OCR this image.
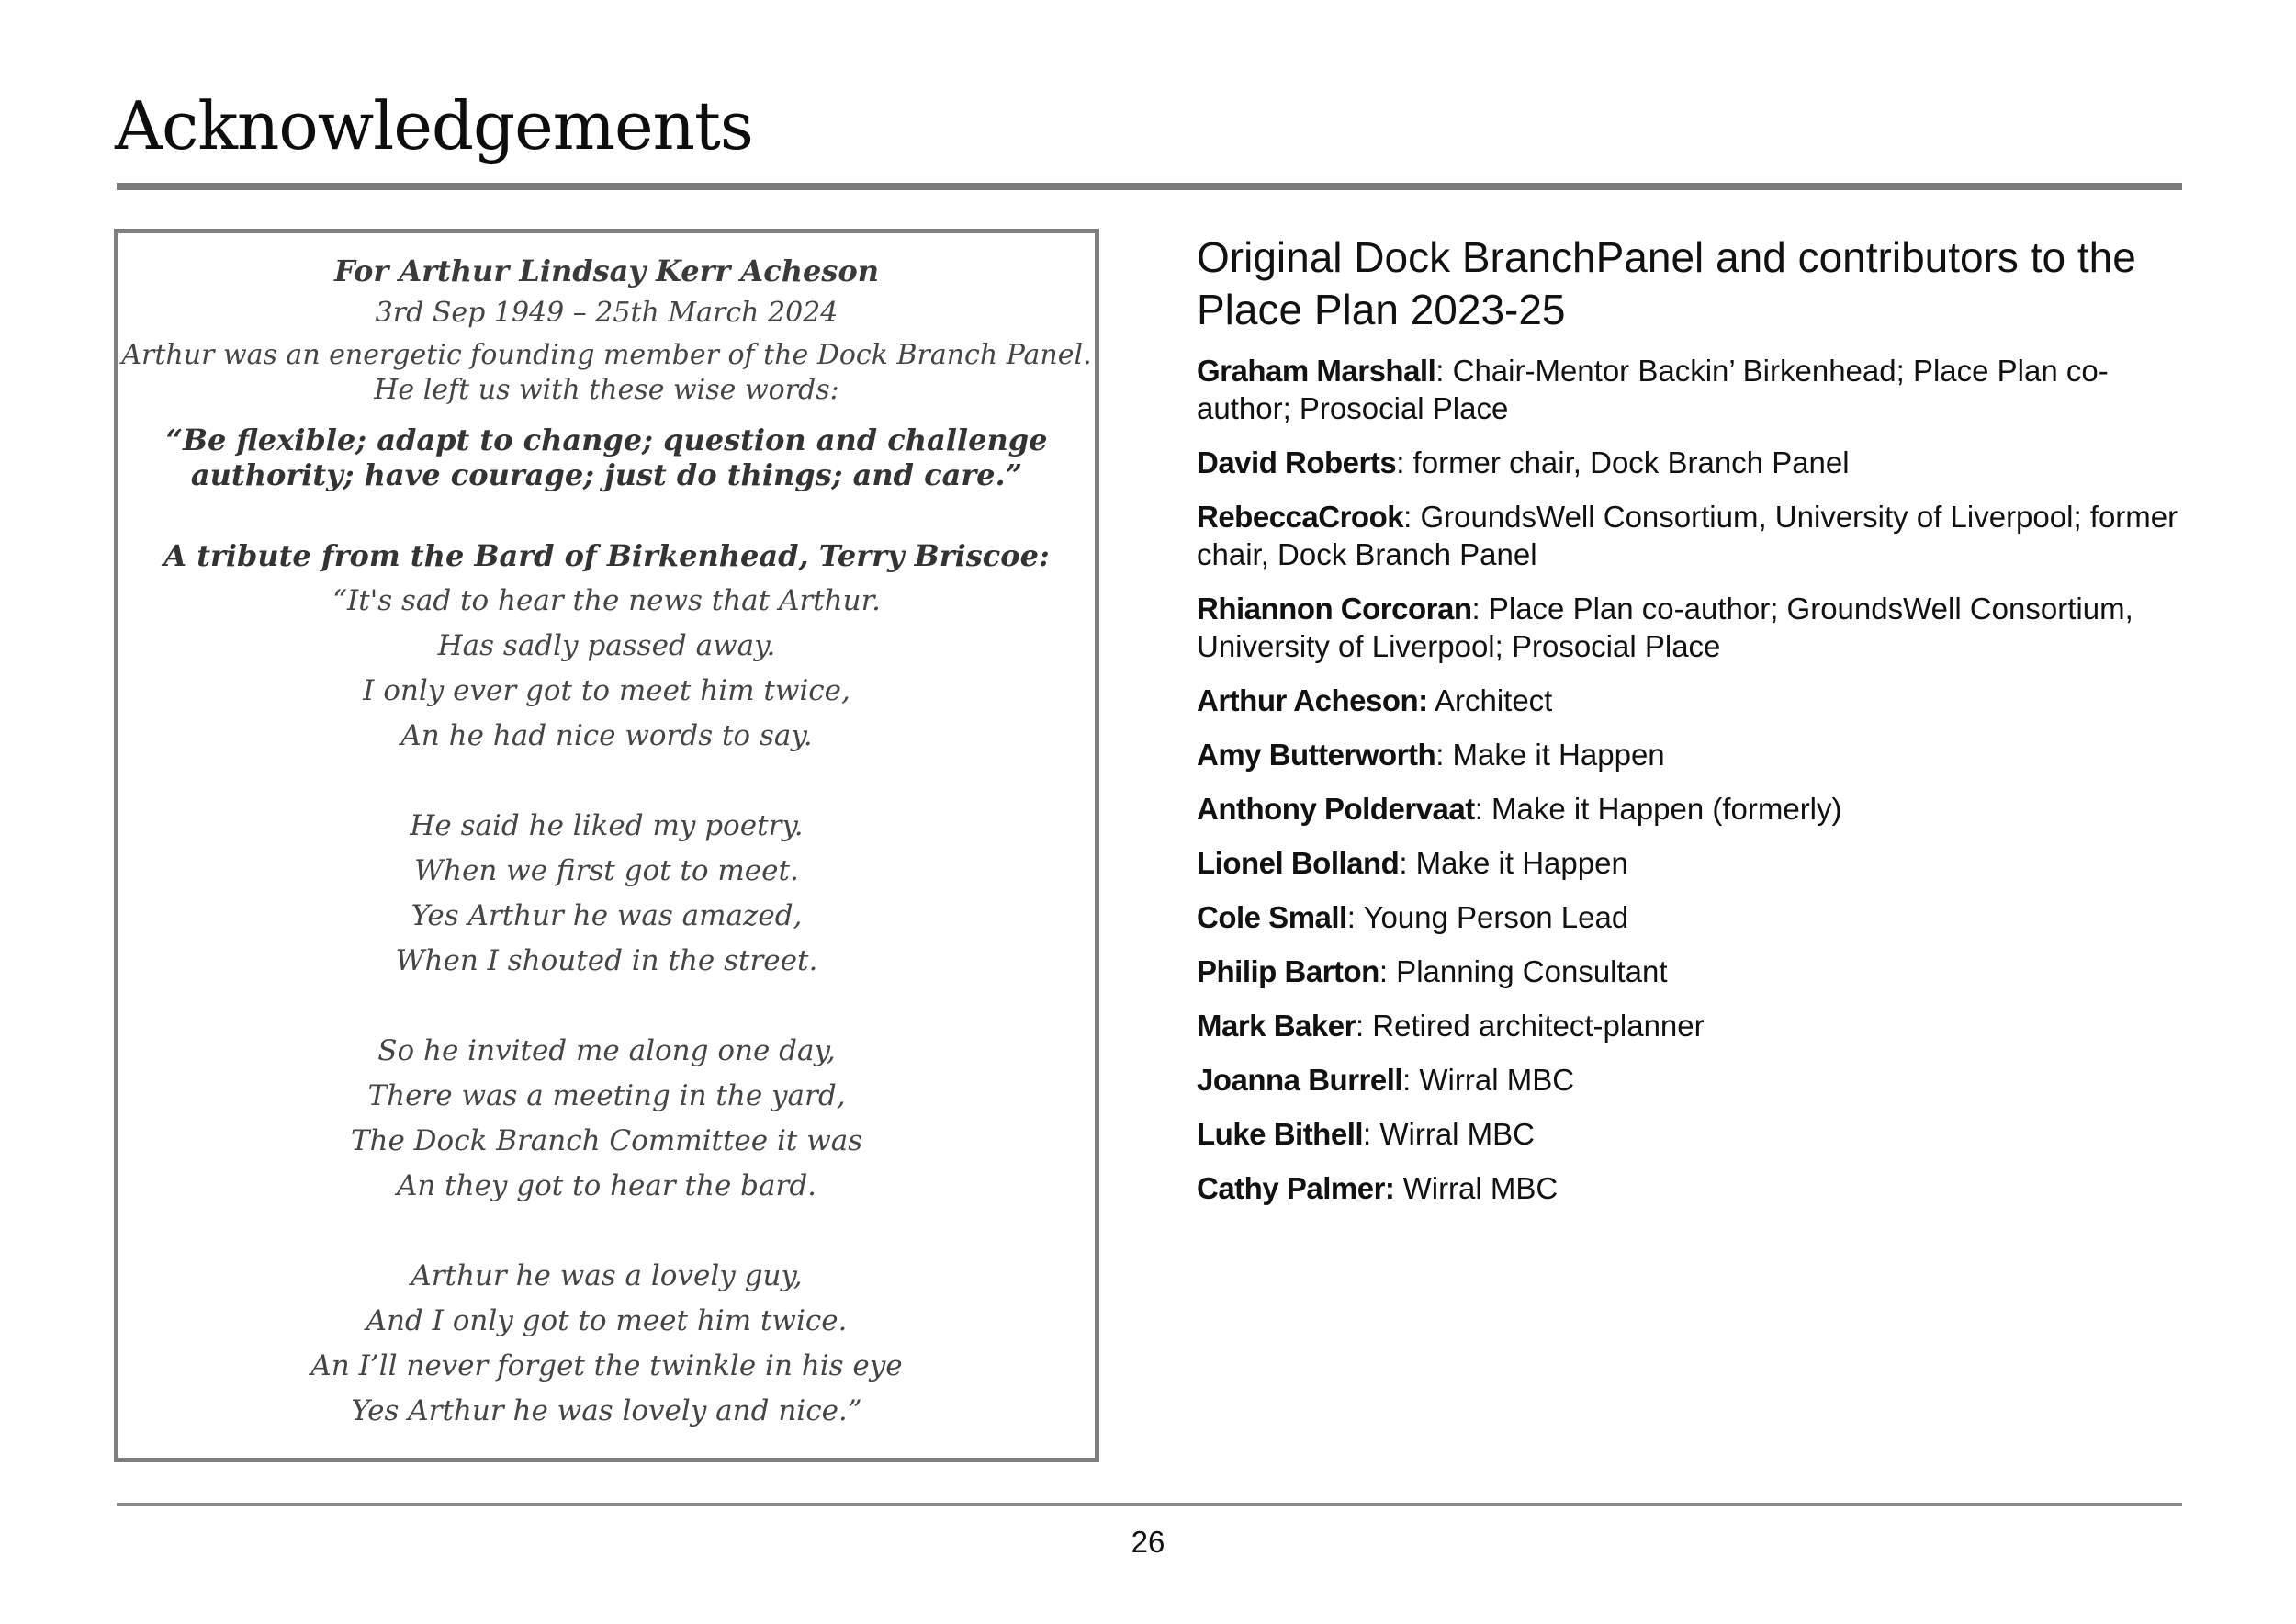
Acknowledgements

For Arthur Lindsay Kerr Acheson

3rd Sep 1949 – 25th March 2024

Arthur was an energetic founding member of the Dock Branch Panel.

He left us with these wise words:

“Be flexible; adapt to change; question and challenge

authority; have courage; just do things; and care.”

A tribute from the Bard of Birkenhead, Terry Briscoe:

“It's sad to hear the news that Arthur.

Has sadly passed away.

I only ever got to meet him twice,

An he had nice words to say.

He said he liked my poetry.

When we first got to meet.

Yes Arthur he was amazed,

When I shouted in the street.

So he invited me along one day,

There was a meeting in the yard,

The Dock Branch Committee it was

An they got to hear the bard.

Arthur he was a lovely guy,

And I only got to meet him twice.

An I’ll never forget the twinkle in his eye

Yes Arthur he was lovely and nice.”

Original Dock BranchPanel and contributors to the Place Plan 2023-25
Graham Marshall: Chair-Mentor Backin’ Birkenhead; Place Plan co-author; Prosocial Place
David Roberts: former chair, Dock Branch Panel
RebeccaCrook: GroundsWell Consortium, University of Liverpool; former chair, Dock Branch Panel
Rhiannon Corcoran: Place Plan co-author; GroundsWell Consortium, University of Liverpool; Prosocial Place
Arthur Acheson: Architect
Amy Butterworth: Make it Happen
Anthony Poldervaat: Make it Happen (formerly)
Lionel Bolland: Make it Happen
Cole Small: Young Person Lead
Philip Barton: Planning Consultant
Mark Baker: Retired architect-planner
Joanna Burrell: Wirral MBC
Luke Bithell: Wirral MBC
Cathy Palmer: Wirral MBC
26
